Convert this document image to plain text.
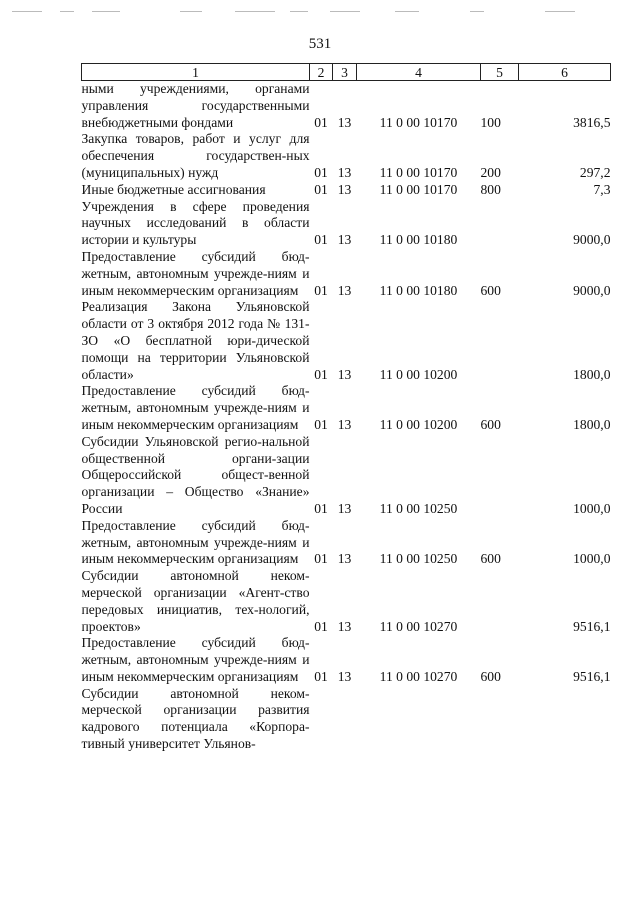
531
1	2	3	4	5	6
ными учреждениями, органами управления государственными внебюджетными фондами	01	13	11 0 00 10170	100	3816,5
Закупка товаров, работ и услуг для обеспечения государствен-ных (муниципальных) нужд	01	13	11 0 00 10170	200	297,2
Иные бюджетные ассигнования	01	13	11 0 00 10170	800	7,3
Учреждения в сфере проведения научных исследований в области истории и культуры	01	13	11 0 00 10180		9000,0
Предоставление субсидий бюд-жетным, автономным учрежде-ниям и иным некоммерческим организациям	01	13	11 0 00 10180	600	9000,0
Реализация Закона Ульяновской области от 3 октября 2012 года № 131-ЗО «О бесплатной юри-дической помощи на территории Ульяновской области»	01	13	11 0 00 10200		1800,0
Предоставление субсидий бюд-жетным, автономным учрежде-ниям и иным некоммерческим организациям	01	13	11 0 00 10200	600	1800,0
Субсидии Ульяновской регио-нальной общественной органи-зации Общероссийской общест-венной организации – Общество «Знание» России	01	13	11 0 00 10250		1000,0
Предоставление субсидий бюд-жетным, автономным учрежде-ниям и иным некоммерческим организациям	01	13	11 0 00 10250	600	1000,0
Субсидии автономной неком-мерческой организации «Агент-ство передовых инициатив, тех-нологий, проектов»	01	13	11 0 00 10270		9516,1
Предоставление субсидий бюд-жетным, автономным учрежде-ниям и иным некоммерческим организациям	01	13	11 0 00 10270	600	9516,1
Субсидии автономной неком-мерческой организации развития кадрового потенциала «Корпора-тивный университет Ульянов-					
